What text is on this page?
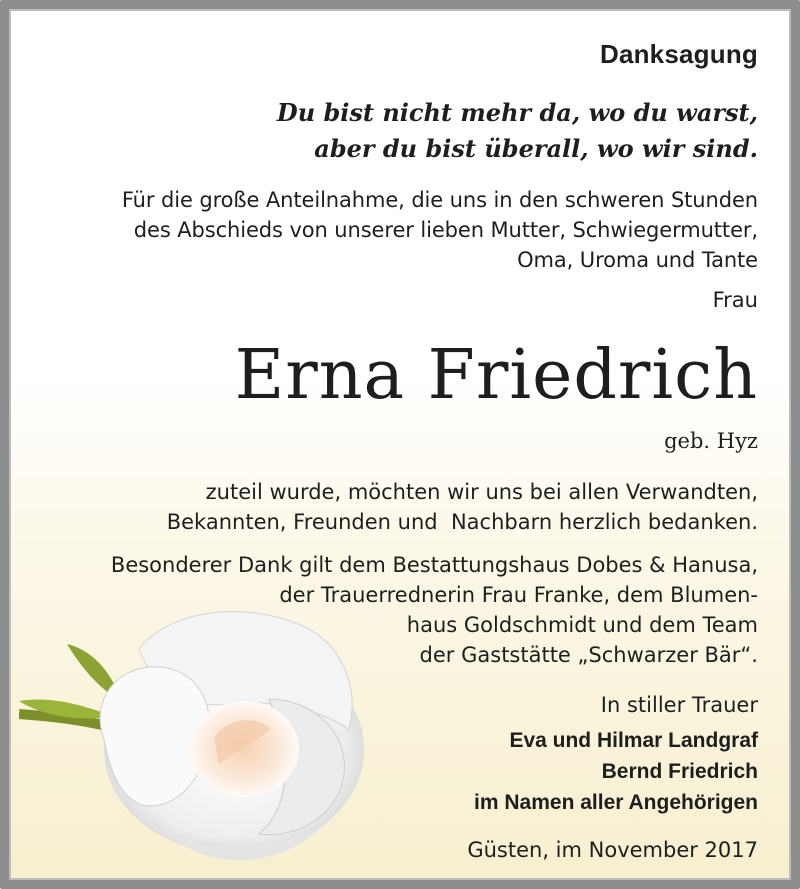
Danksagung
Du bist nicht mehr da, wo du warst,
aber du bist überall, wo wir sind.
Für die große Anteilnahme, die uns in den schweren Stunden
des Abschieds von unserer lieben Mutter, Schwiegermutter,
Oma, Uroma und Tante
Frau
Erna Friedrich
geb. Hyz
zuteil wurde, möchten wir uns bei allen Verwandten,
Bekannten, Freunden und  Nachbarn herzlich bedanken.
Besonderer Dank gilt dem Bestattungshaus Dobes & Hanusa,
der Trauerrednerin Frau Franke, dem Blumen-
haus Goldschmidt und dem Team
der Gaststätte „Schwarzer Bär“.
In stiller Trauer
Eva und Hilmar Landgraf
Bernd Friedrich
im Namen aller Angehörigen
Güsten, im November 2017
